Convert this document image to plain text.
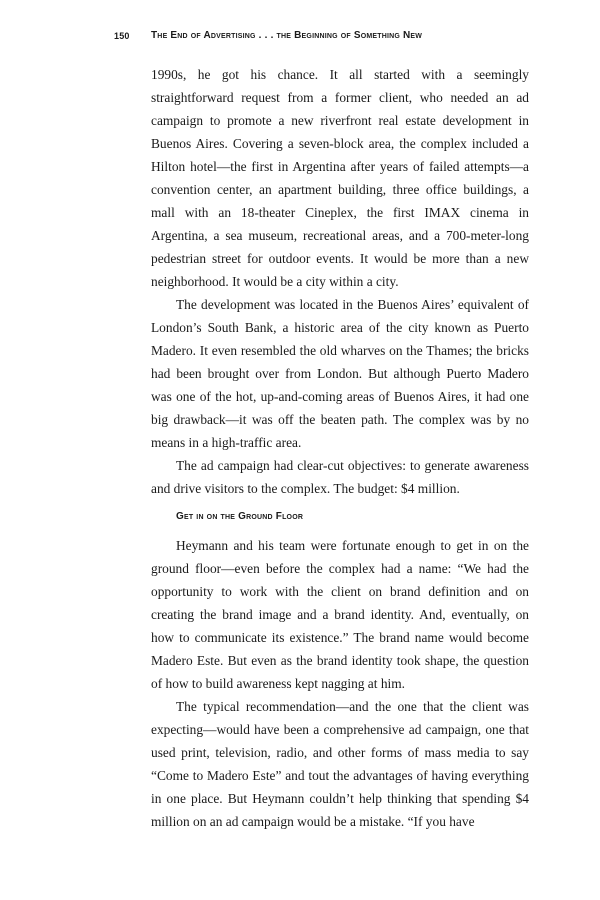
150 The End of Advertising . . . the Beginning of Something New

1990s, he got his chance. It all started with a seemingly straightforward request from a former client, who needed an ad campaign to promote a new riverfront real estate development in Buenos Aires. Covering a seven-block area, the complex included a Hilton hotel—the first in Argentina after years of failed attempts—a convention center, an apartment building, three office buildings, a mall with an 18-theater Cineplex, the first IMAX cinema in Argentina, a sea museum, recreational areas, and a 700-meter-long pedestrian street for outdoor events. It would be more than a new neighborhood. It would be a city within a city.

The development was located in the Buenos Aires’ equivalent of London’s South Bank, a historic area of the city known as Puerto Madero. It even resembled the old wharves on the Thames; the bricks had been brought over from London. But although Puerto Madero was one of the hot, up-and-coming areas of Buenos Aires, it had one big drawback—it was off the beaten path. The complex was by no means in a high-traffic area.

The ad campaign had clear-cut objectives: to generate awareness and drive visitors to the complex. The budget: $4 million.

Get in on the Ground Floor

Heymann and his team were fortunate enough to get in on the ground floor—even before the complex had a name: “We had the opportunity to work with the client on brand definition and on creating the brand image and a brand identity. And, eventually, on how to communicate its existence.” The brand name would become Madero Este. But even as the brand identity took shape, the question of how to build awareness kept nagging at him.

The typical recommendation—and the one that the client was expecting—would have been a comprehensive ad campaign, one that used print, television, radio, and other forms of mass media to say “Come to Madero Este” and tout the advantages of having everything in one place. But Heymann couldn’t help thinking that spending $4 million on an ad campaign would be a mistake. “If you have
